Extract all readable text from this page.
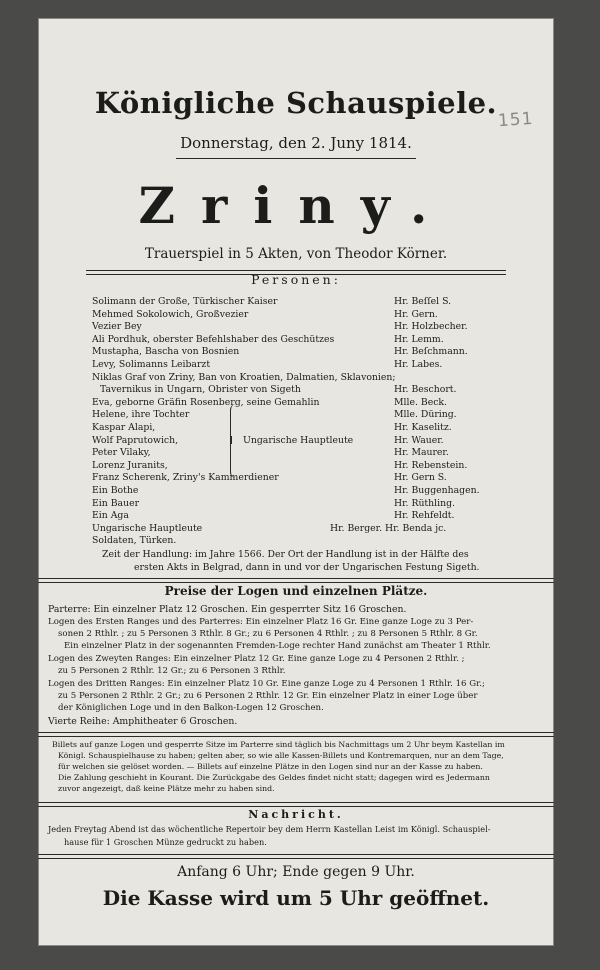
151
Königliche Schauspiele.
Donnerstag, den 2. Juny 1814.
Zriny.
Trauerspiel in 5 Akten, von Theodor Körner.
Personen:
Solimann der Große, Türkischer Kaiser	Hr. Beſſel S.
Mehmed Sokolowich, Großvezier	Hr. Gern.
Vezier Bey	Hr. Holzbecher.
Ali Pordhuk, oberster Befehlshaber des Geschützes	Hr. Lemm.
Mustapha, Bascha von Bosnien	Hr. Beſchmann.
Levy, Solimanns Leibarzt	Hr. Labes.
Niklas Graf von Zriny, Ban von Kroatien, Dalmatien, Sklavonien;
Tavernikus in Ungarn, Obrister von Sigeth	Hr. Beschort.
Eva, geborne Gräfin Rosenberg, seine Gemahlin	Mlle. Beck.
Helene, ihre Tochter	Mlle. Düring.
Kaspar Alapi,	Hr. Kaselitz.
Wolf Paprutowich,	Hr. Wauer.
Peter Vilaky,	Hr. Maurer.
Lorenz Juranits,	Hr. Rebenstein.
Ungarische Hauptleute
Franz Scherenk, Zriny's Kammerdiener	Hr. Gern S.
Ein Bothe	Hr. Buggenhagen.
Ein Bauer	Hr. Rüthling.
Ein Aga	Hr. Rehfeldt.
Ungarische Hauptleute	Hr. Berger. Hr. Benda jc.
Soldaten, Türken.
Zeit der Handlung: im Jahre 1566. Der Ort der Handlung ist in der Hälfte des
ersten Akts in Belgrad, dann in und vor der Ungarischen Festung Sigeth.
Preise der Logen und einzelnen Plätze.
Parterre: Ein einzelner Platz 12 Groschen. Ein gesperrter Sitz 16 Groschen.
Logen des Ersten Ranges und des Parterres: Ein einzelner Platz 16 Gr. Eine ganze Loge zu 3 Per-
sonen 2 Rthlr. ; zu 5 Personen 3 Rthlr. 8 Gr.; zu 6 Personen 4 Rthlr. ; zu 8 Personen 5 Rthlr. 8 Gr.
Ein einzelner Platz in der sogenannten Fremden-Loge rechter Hand zunächst am Theater 1 Rthlr.
Logen des Zweyten Ranges: Ein einzelner Platz 12 Gr. Eine ganze Loge zu 4 Personen 2 Rthlr. ;
zu 5 Personen 2 Rthlr. 12 Gr.; zu 6 Personen 3 Rthlr.
Logen des Dritten Ranges: Ein einzelner Platz 10 Gr. Eine ganze Loge zu 4 Personen 1 Rthlr. 16 Gr.;
zu 5 Personen 2 Rthlr. 2 Gr.; zu 6 Personen 2 Rthlr. 12 Gr. Ein einzelner Platz in einer Loge über
der Königlichen Loge und in den Balkon-Logen 12 Groschen.
Vierte Reihe: Amphitheater 6 Groschen.
Billets auf ganze Logen und gesperrte Sitze im Parterre sind täglich bis Nachmittags um 2 Uhr beym Kastellan im
Königl. Schauspielhause zu haben; gelten aber, so wie alle Kassen-Billets und Kontremarquen, nur an dem Tage,
für welchen sie gelöset worden. — Billets auf einzelne Plätze in den Logen sind nur an der Kasse zu haben.
Die Zahlung geschieht in Kourant. Die Zurückgabe des Geldes findet nicht statt; dagegen wird es Jedermann
zuvor angezeigt, daß keine Plätze mehr zu haben sind.
Nachricht.
Jeden Freytag Abend ist das wöchentliche Repertoir bey dem Herrn Kastellan Leist im Königl. Schauspiel-
hause für 1 Groschen Münze gedruckt zu haben.
Anfang 6 Uhr; Ende gegen 9 Uhr.
Die Kasse wird um 5 Uhr geöffnet.
